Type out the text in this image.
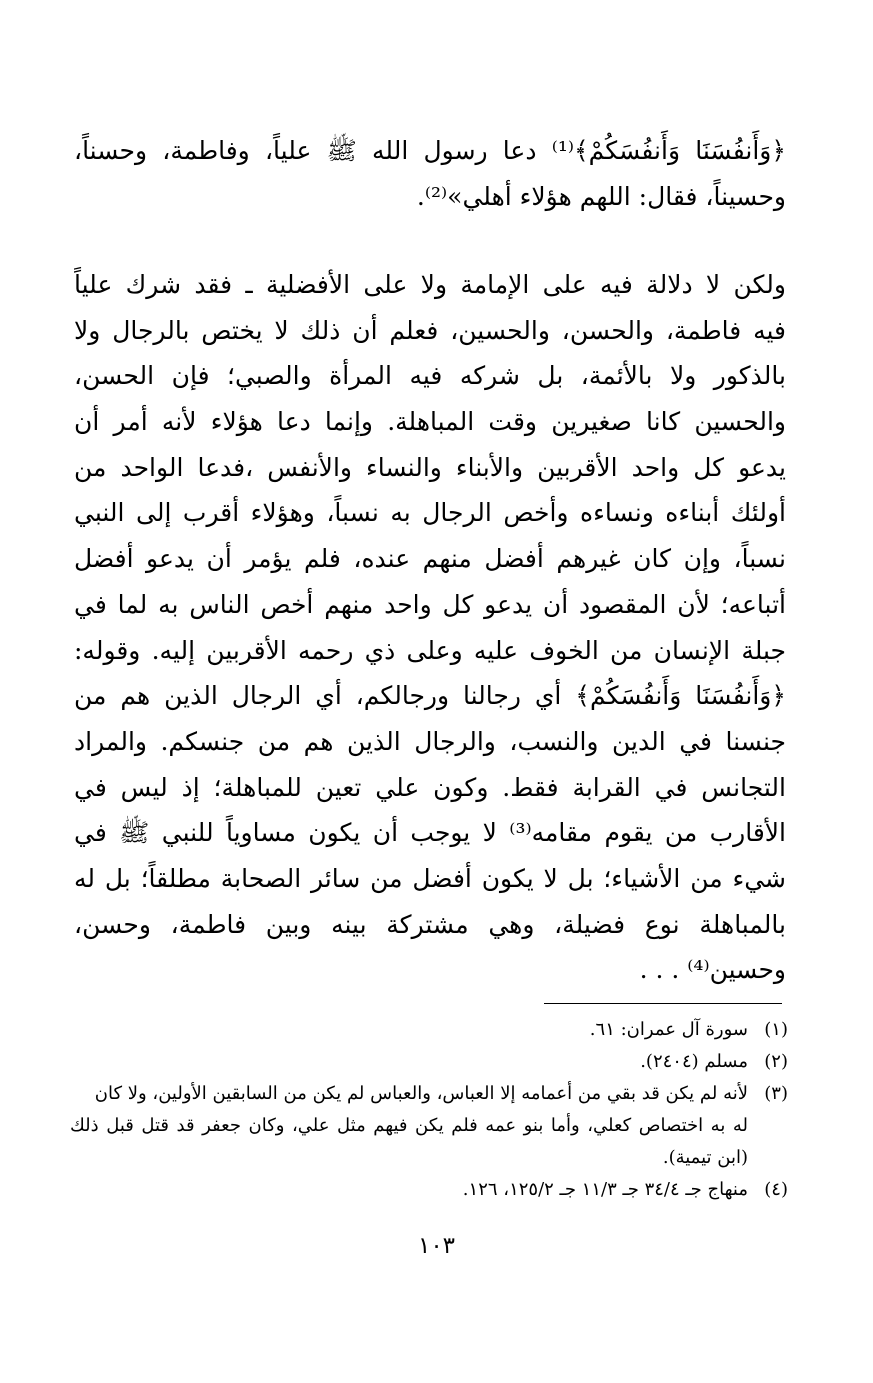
﴿وَأَنفُسَنَا وَأَنفُسَكُمْ﴾⁽¹⁾ دعا رسول الله ﷺ علياً، وفاطمة، وحسناً،
وحسيناً، فقال: اللهم هؤلاء أهلي»⁽²⁾.
ولكن لا دلالة فيه على الإمامة ولا على الأفضلية ـ فقد شرك علياً
فيه فاطمة، والحسن، والحسين، فعلم أن ذلك لا يختص بالرجال ولا
بالذكور ولا بالأئمة، بل شركه فيه المرأة والصبي؛ فإن الحسن،
والحسين كانا صغيرين وقت المباهلة. وإنما دعا هؤلاء لأنه أمر أن
يدعو كل واحد الأقربين والأبناء والنساء والأنفس ،فدعا الواحد من
أولئك أبناءه ونساءه وأخص الرجال به نسباً، وهؤلاء أقرب إلى النبي
نسباً، وإن كان غيرهم أفضل منهم عنده، فلم يؤمر أن يدعو أفضل
أتباعه؛ لأن المقصود أن يدعو كل واحد منهم أخص الناس به لما في
جبلة الإنسان من الخوف عليه وعلى ذي رحمه الأقربين إليه. وقوله:
﴿وَأَنفُسَنَا وَأَنفُسَكُمْ﴾ أي رجالنا ورجالكم، أي الرجال الذين هم من
جنسنا في الدين والنسب، والرجال الذين هم من جنسكم. والمراد
التجانس في القرابة فقط. وكون علي تعين للمباهلة؛ إذ ليس في
الأقارب من يقوم مقامه⁽³⁾ لا يوجب أن يكون مساوياً للنبي ﷺ في
شيء من الأشياء؛ بل لا يكون أفضل من سائر الصحابة مطلقاً؛ بل له
بالمباهلة نوع فضيلة، وهي مشتركة بينه وبين فاطمة، وحسن،
وحسين⁽⁴⁾ . . .
(١)سورة آل عمران: ٦١.
(٢)مسلم (٢٤٠٤).
(٣)لأنه لم يكن قد بقي من أعمامه إلا العباس، والعباس لم يكن من السابقين الأولين، ولا كان
له به اختصاص كعلي، وأما بنو عمه فلم يكن فيهم مثل علي، وكان جعفر قد قتل قبل ذلك
(ابن تيمية).
(٤)منهاج جـ ٣٤/٤ جـ ١١/٣ جـ ١٢٥/٢، ١٢٦.
١٠٣
